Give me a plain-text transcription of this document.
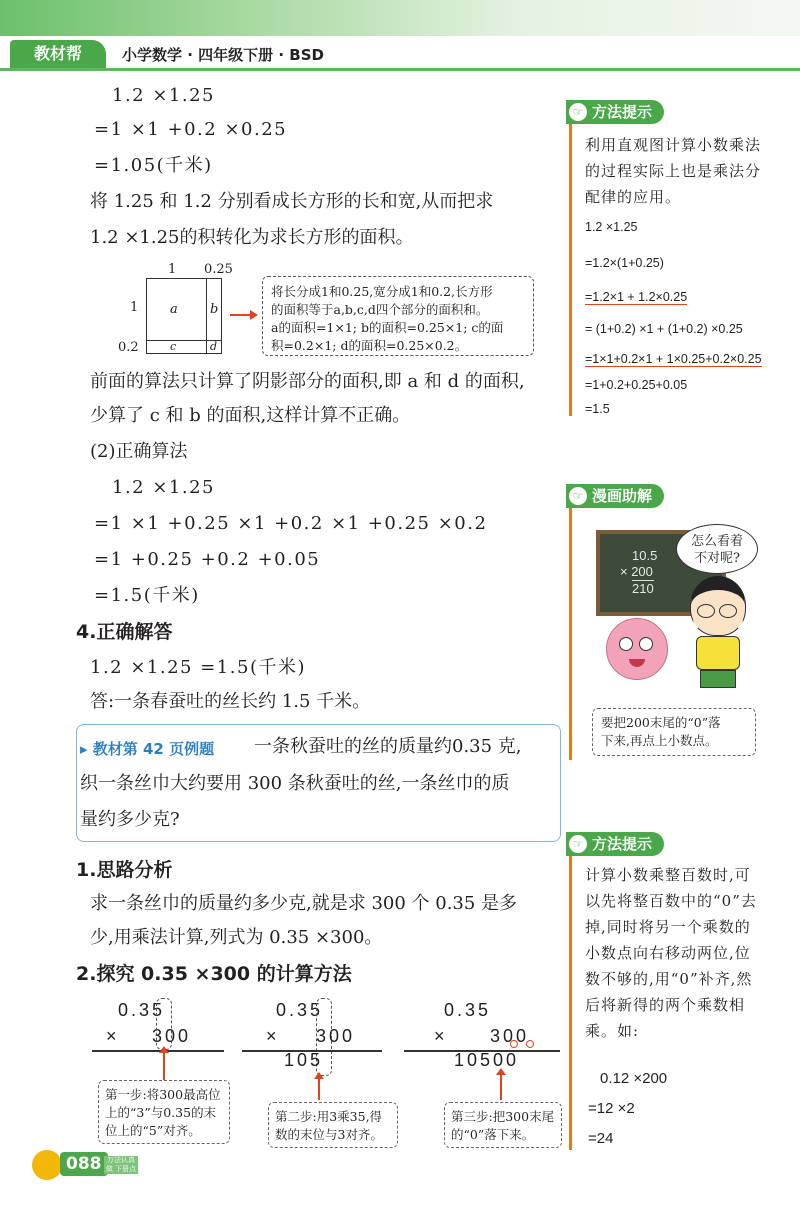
教材帮	小学数学 · 四年级下册 · BSD
1.2 ×1.25
=1 ×1 +0.2 ×0.25
=1.05(千米)
将 1.25 和 1.2 分别看成长方形的长和宽,从而把求
1.2 ×1.25的积转化为求长方形的面积。
1 0.25
1
0.2
a b
c	d
将长分成1和0.25,宽分成1和0.2,长方形
的面积等于a,b,c,d四个部分的面积和。
a的面积=1×1; b的面积=0.25×1; c的面
积=0.2×1; d的面积=0.25×0.2。
前面的算法只计算了阴影部分的面积,即 a 和 d 的面积,
少算了 c 和 b 的面积,这样计算不正确。
(2)正确算法
1.2 ×1.25
=1 ×1 +0.25 ×1 +0.2 ×1 +0.25 ×0.2
=1 +0.25 +0.2 +0.05
=1.5(千米)
4.正确解答
1.2 ×1.25 =1.5(千米)
答:一条春蚕吐的丝长约 1.5 千米。
▸ 教材第 42 页例题 一条秋蚕吐的丝的质量约0.35 克,
织一条丝巾大约要用 300 条秋蚕吐的丝,一条丝巾的质
量约多少克?
1.思路分析
求一条丝巾的质量约多少克,就是求 300 个 0.35 是多
少,用乘法计算,列式为 0.35 ×300。
2.探究 0.35 ×300 的计算方法
0.35
× 300
第一步:将300最高位
上的“3”与0.35的末
位上的“5”对齐。
0.35
× 300
105
第二步:用3乘35,得
数的末位与3对齐。
0.35
× 300
10500
第三步:把300末尾
的“0”落下来。
☞ 方法提示
利用直观图计算小数乘法
的过程实际上也是乘法分
配律的应用。
1.2 ×1.25
=1.2×(1+0.25)
=1.2×1 + 1.2×0.25
= (1+0.2) ×1 + (1+0.2) ×0.25
=1×1+0.2×1 + 1×0.25+0.2×0.25
=1+0.2+0.25+0.05
=1.5
☞ 漫画助解
10.5
× 200
210
怎么看着
不对呢?
要把200末尾的“0”落
下来,再点上小数点。
☞ 方法提示
计算小数乘整百数时,可
以先将整百数中的“0”去
掉,同时将另一个乘数的
小数点向右移动两位,位
数不够的,用“0”补齐,然
后将新得的两个乘数相
乘。如:
0.12 ×200
=12 ×2
=24
088 万法认真做 下册点易复
